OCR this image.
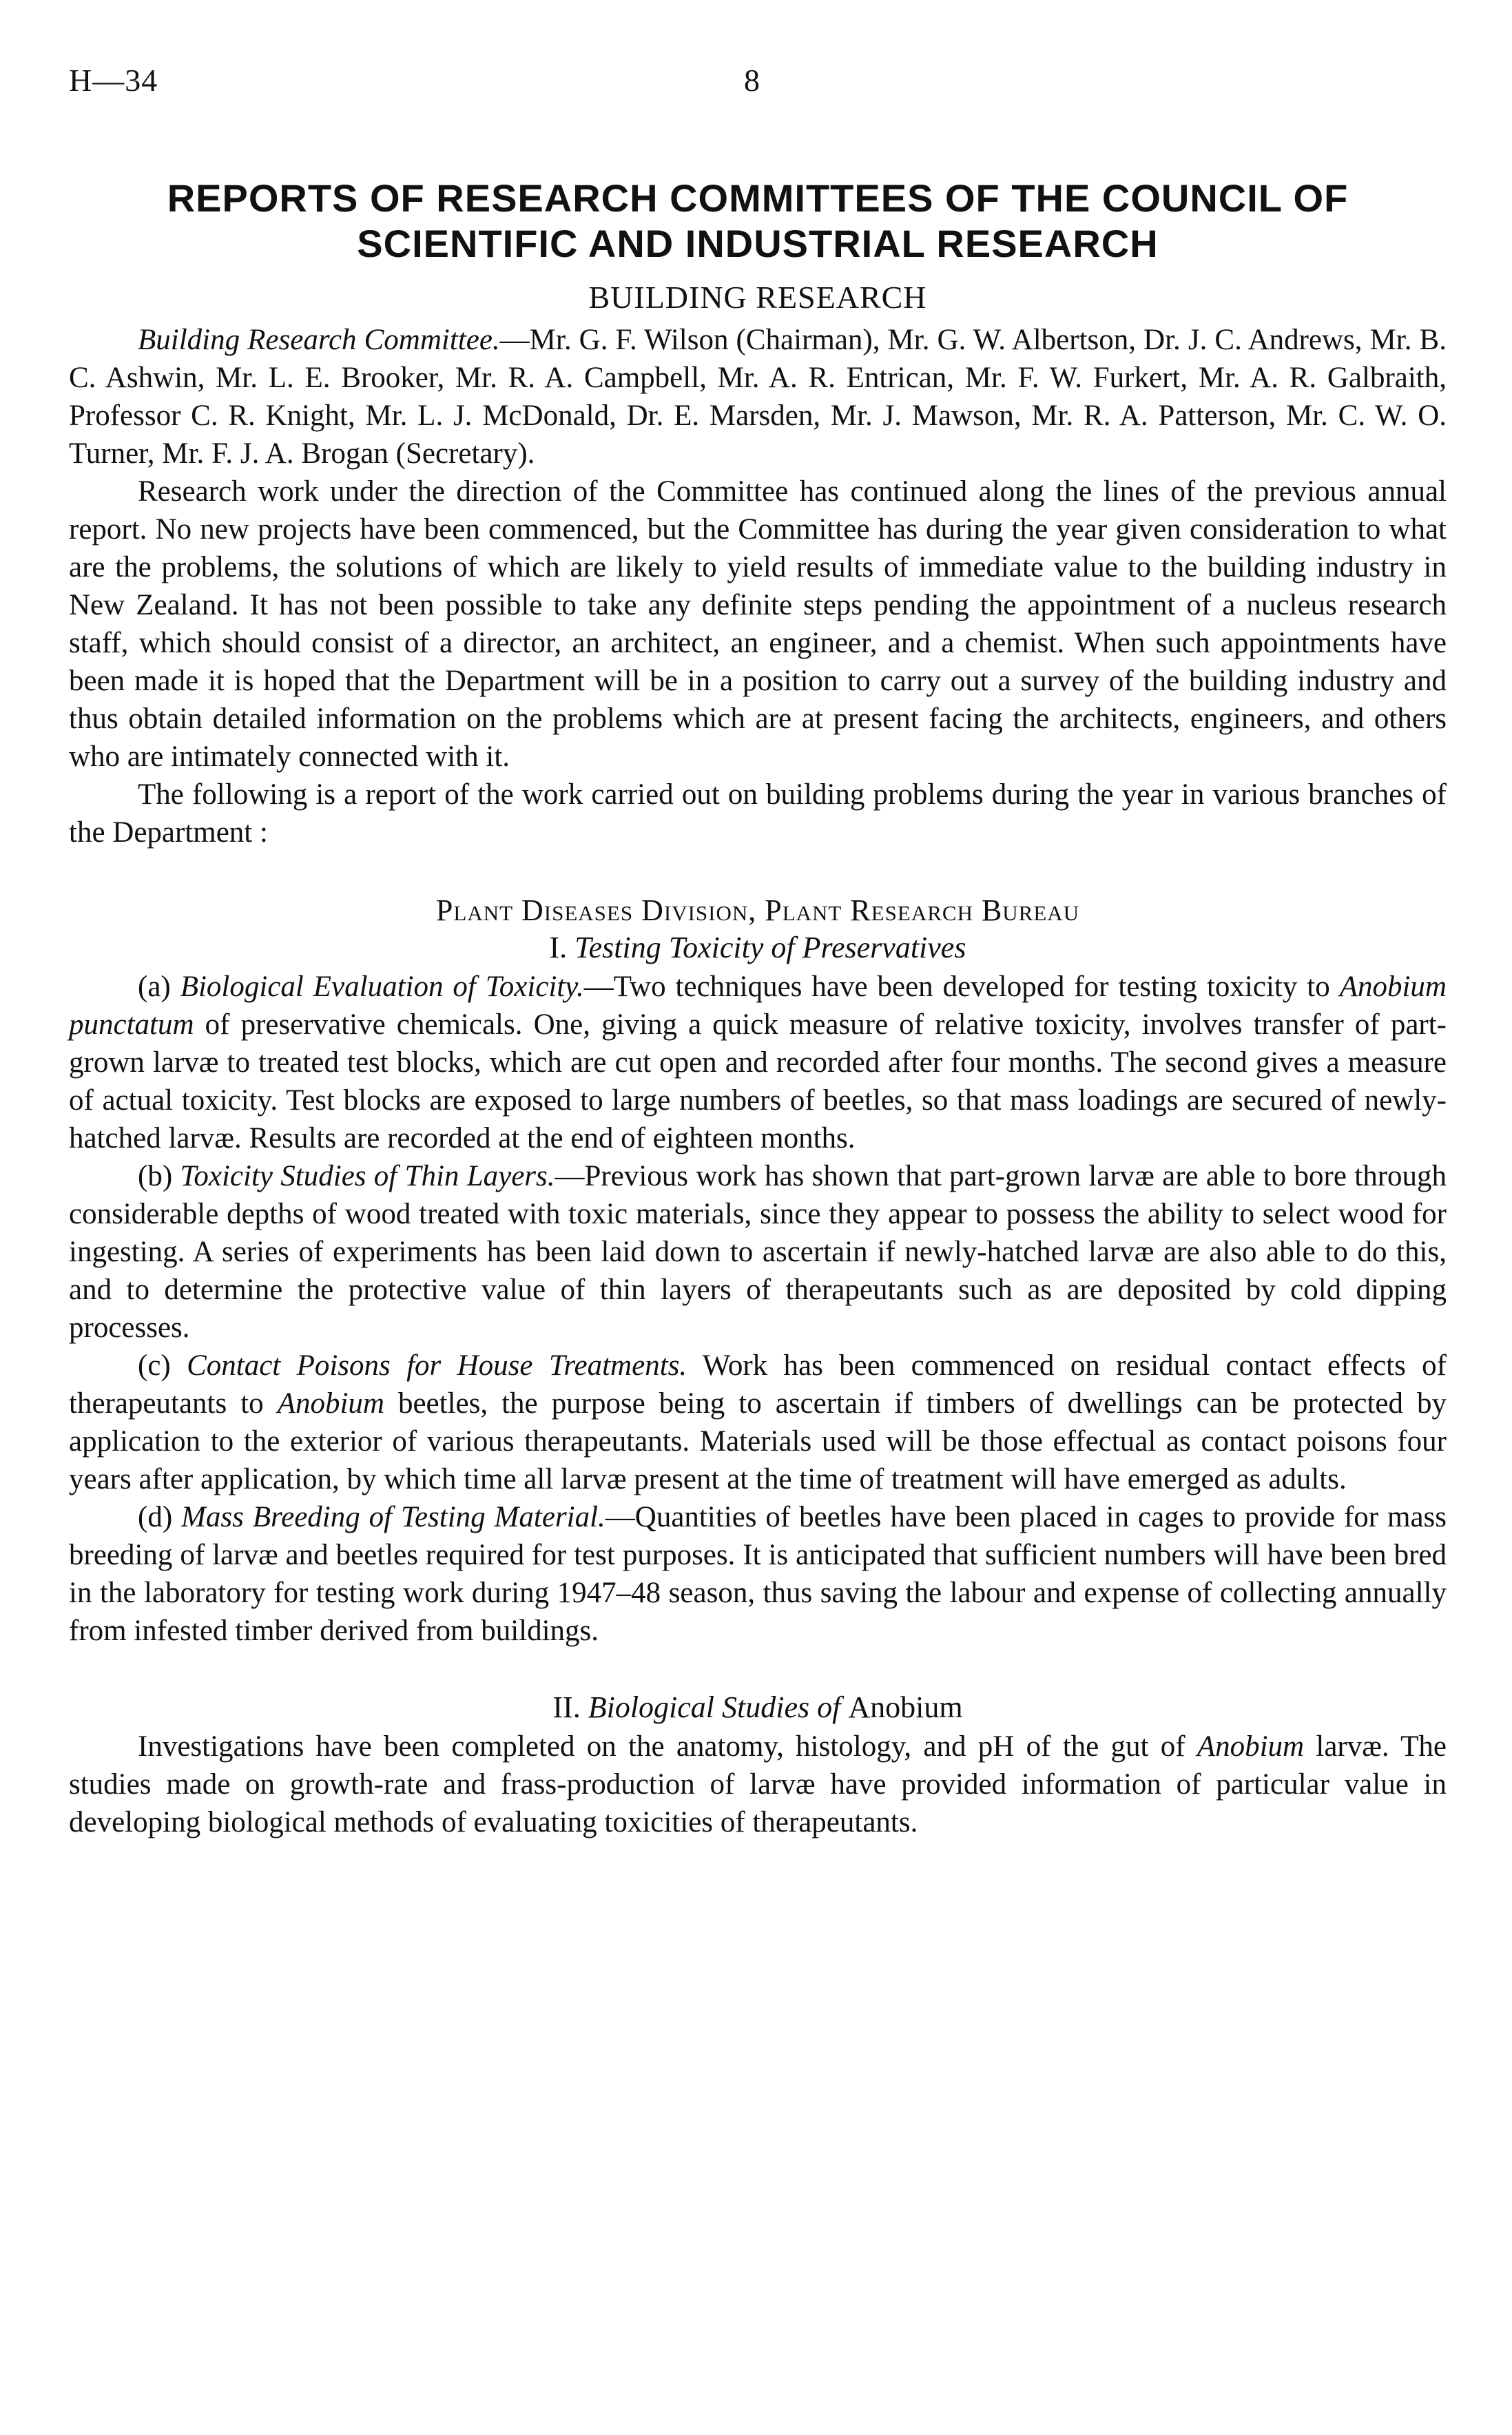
H—34	8
REPORTS OF RESEARCH COMMITTEES OF THE COUNCIL OF
SCIENTIFIC AND INDUSTRIAL RESEARCH
BUILDING RESEARCH

Building Research Committee.—Mr. G. F. Wilson (Chairman), Mr. G. W. Albertson, Dr. J. C. Andrews, Mr. B. C. Ashwin, Mr. L. E. Brooker, Mr. R. A. Campbell, Mr. A. R. Entrican, Mr. F. W. Furkert, Mr. A. R. Galbraith, Professor C. R. Knight, Mr. L. J. McDonald, Dr. E. Marsden, Mr. J. Mawson, Mr. R. A. Patterson, Mr. C. W. O. Turner, Mr. F. J. A. Brogan (Secretary).

Research work under the direction of the Committee has continued along the lines of the previous annual report. No new projects have been commenced, but the Committee has during the year given consideration to what are the problems, the solutions of which are likely to yield results of immediate value to the building industry in New Zealand. It has not been possible to take any definite steps pending the appointment of a nucleus research staff, which should consist of a director, an architect, an engineer, and a chemist. When such appointments have been made it is hoped that the Department will be in a position to carry out a survey of the building industry and thus obtain detailed information on the problems which are at present facing the architects, engineers, and others who are intimately connected with it.

The following is a report of the work carried out on building problems during the year in various branches of the Department :

Plant Diseases Division, Plant Research Bureau
I. Testing Toxicity of Preservatives

(a) Biological Evaluation of Toxicity.—Two techniques have been developed for testing toxicity to Anobium punctatum of preservative chemicals. One, giving a quick measure of relative toxicity, involves transfer of part-grown larvæ to treated test blocks, which are cut open and recorded after four months. The second gives a measure of actual toxicity. Test blocks are exposed to large numbers of beetles, so that mass loadings are secured of newly-hatched larvæ. Results are recorded at the end of eighteen months.

(b) Toxicity Studies of Thin Layers.—Previous work has shown that part-grown larvæ are able to bore through considerable depths of wood treated with toxic materials, since they appear to possess the ability to select wood for ingesting. A series of experiments has been laid down to ascertain if newly-hatched larvæ are also able to do this, and to determine the protective value of thin layers of therapeutants such as are deposited by cold dipping processes.

(c) Contact Poisons for House Treatments. Work has been commenced on residual contact effects of therapeutants to Anobium beetles, the purpose being to ascertain if timbers of dwellings can be protected by application to the exterior of various therapeutants. Materials used will be those effectual as contact poisons four years after application, by which time all larvæ present at the time of treatment will have emerged as adults.

(d) Mass Breeding of Testing Material.—Quantities of beetles have been placed in cages to provide for mass breeding of larvæ and beetles required for test purposes. It is anticipated that sufficient numbers will have been bred in the laboratory for testing work during 1947–48 season, thus saving the labour and expense of collecting annually from infested timber derived from buildings.

II. Biological Studies of Anobium

Investigations have been completed on the anatomy, histology, and pH of the gut of Anobium larvæ. The studies made on growth-rate and frass-production of larvæ have provided information of particular value in developing biological methods of evaluating toxicities of therapeutants.
